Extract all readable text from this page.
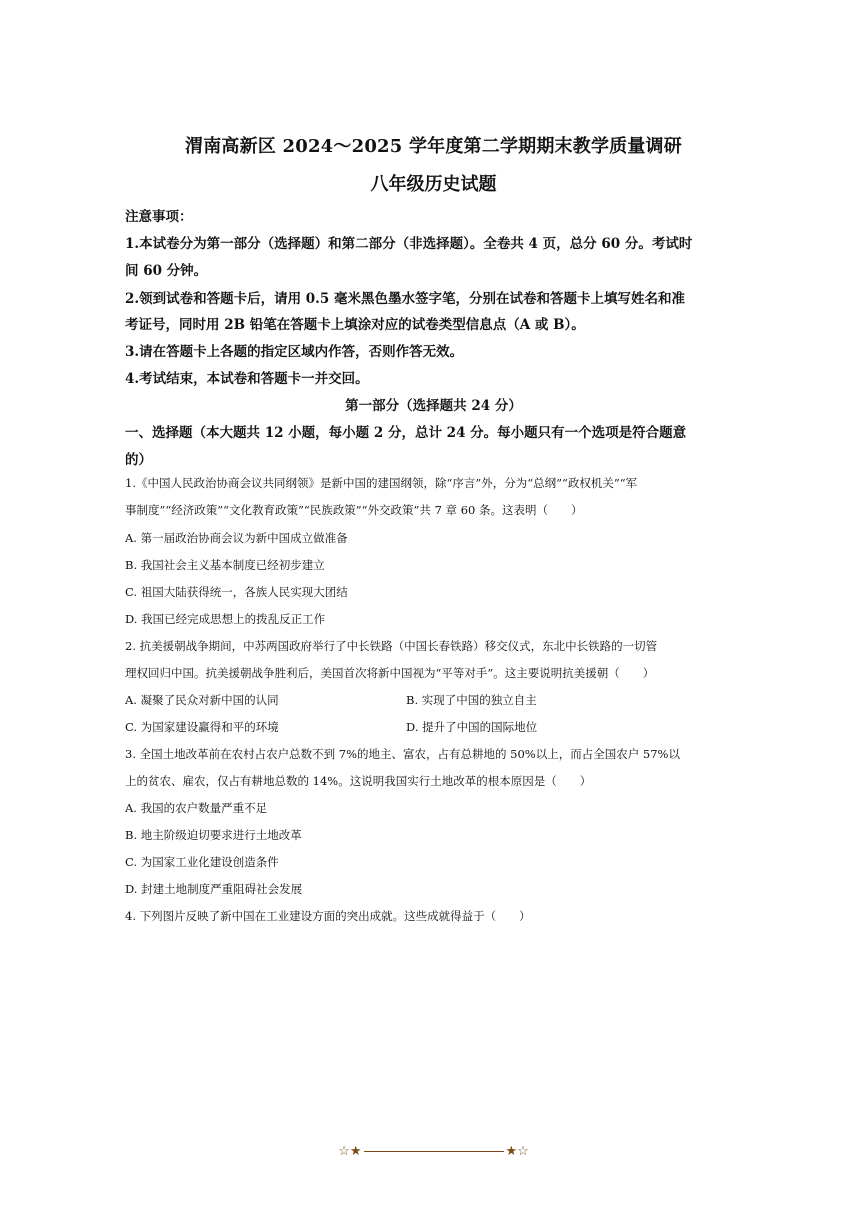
渭南高新区 2024～2025 学年度第二学期期末教学质量调研
八年级历史试题
注意事项：
1.本试卷分为第一部分（选择题）和第二部分（非选择题）。全卷共 4 页，总分 60 分。考试时
间 60 分钟。
2.领到试卷和答题卡后，请用 0.5 毫米黑色墨水签字笔，分别在试卷和答题卡上填写姓名和准
考证号，同时用 2B 铅笔在答题卡上填涂对应的试卷类型信息点（A 或 B）。
3.请在答题卡上各题的指定区域内作答，否则作答无效。
4.考试结束，本试卷和答题卡一并交回。
第一部分（选择题共 24 分）
一、选择题（本大题共 12 小题，每小题 2 分，总计 24 分。每小题只有一个选项是符合题意
的）
1.《中国人民政治协商会议共同纲领》是新中国的建国纲领，除“序言”外，分为“总纲”“政权机关”“军
事制度”“经济政策”“文化教育政策”“民族政策”“外交政策”共 7 章 60 条。这表明（　　）
A. 第一届政治协商会议为新中国成立做准备
B. 我国社会主义基本制度已经初步建立
C. 祖国大陆获得统一，各族人民实现大团结
D. 我国已经完成思想上的拨乱反正工作
2. 抗美援朝战争期间，中苏两国政府举行了中长铁路（中国长春铁路）移交仪式，东北中长铁路的一切管
理权回归中国。抗美援朝战争胜利后，美国首次将新中国视为“平等对手”。这主要说明抗美援朝（　　）
A. 凝聚了民众对新中国的认同	B. 实现了中国的独立自主
C. 为国家建设赢得和平的环境	D. 提升了中国的国际地位
3. 全国土地改革前在农村占农户总数不到 7%的地主、富农，占有总耕地的 50%以上，而占全国农户 57%以
上的贫农、雇农，仅占有耕地总数的 14%。这说明我国实行土地改革的根本原因是（　　）
A. 我国的农户数量严重不足
B. 地主阶级迫切要求进行土地改革
C. 为国家工业化建设创造条件
D. 封建土地制度严重阻碍社会发展
4. 下列图片反映了新中国在工业建设方面的突出成就。这些成就得益于（　　）
☆★	★☆
